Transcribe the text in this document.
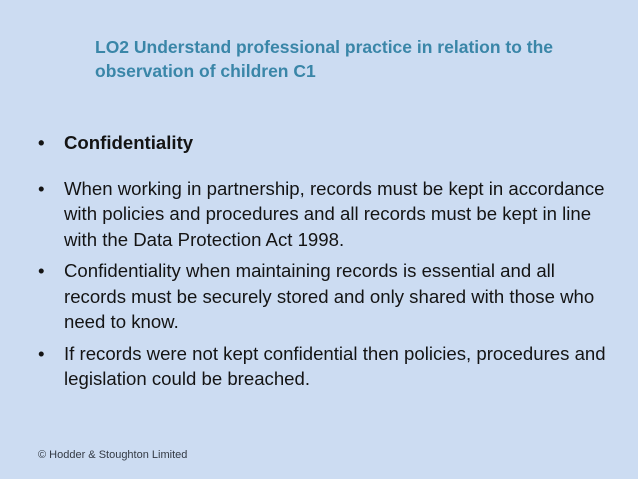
LO2 Understand professional practice in relation to the
observation of children C1
•
Confidentiality
•
When working in partnership, records must be kept in accordance with policies and procedures and all records must be kept in line with the Data Protection Act 1998.
•
Confidentiality when maintaining records is essential and all records must be securely stored and only shared with those who need to know.
•
If records were not kept confidential then policies, procedures and legislation could be breached.

© Hodder & Stoughton Limited
